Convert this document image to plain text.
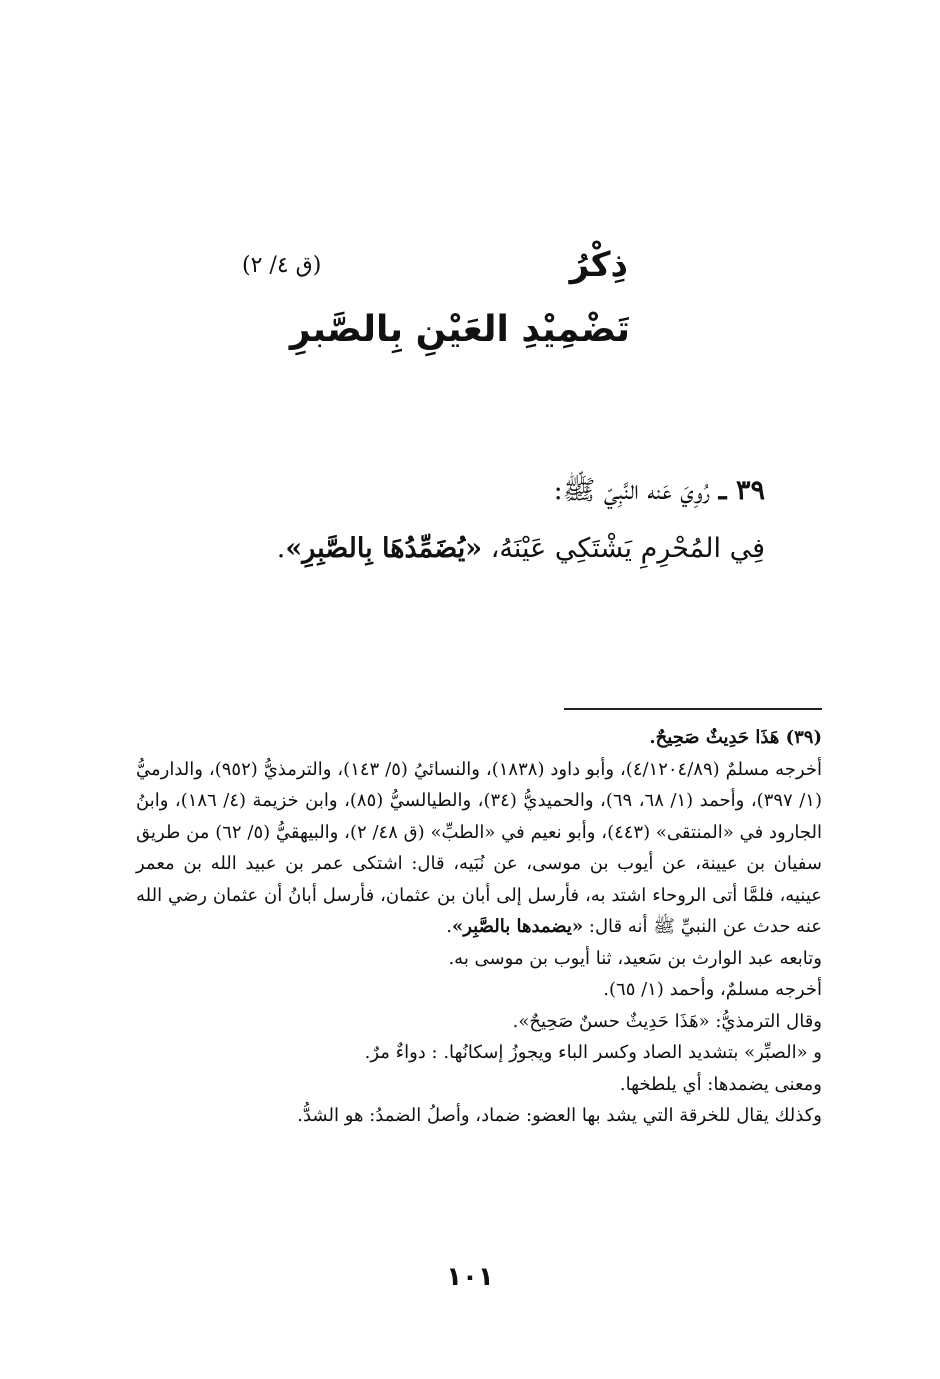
ذِكْرُ
(ق ٤/ ٢)
تَضْمِيْدِ العَيْنِ بِالصَّبرِ
٣٩ ـ رُوِيَ عَنه النَّبِيّ ﷺ:
فِي المُحْرِمِ يَشْتَكِي عَيْنَهُ، «يُضَمِّدُهَا بِالصَّبِرِ».

(٣٩) هَذَا حَدِيثٌ صَحِيحٌ.

أخرجه مسلمٌ (٤/١٢٠٤/٨٩)، وأبو داود (١٨٣٨)، والنسائيُ (٥/ ١٤٣)، والترمذيُّ (٩٥٢)، والدارميُّ (١/ ٣٩٧)، وأحمد (١/ ٦٨، ٦٩)، والحميديُّ (٣٤)، والطيالسيُّ (٨٥)، وابن خزيمة (٤/ ١٨٦)، وابنُ الجارود في «المنتقى» (٤٤٣)، وأبو نعيم في «الطبِّ» (ق ٤٨/ ٢)، والبيهقيُّ (٥/ ٦٢) من طريق سفيان بن عيينة، عن أيوب بن موسى، عن نُبَيه، قال: اشتكى عمر بن عبيد الله بن معمر عينيه، فلمَّا أتى الروحاء اشتد به، فأرسل إلى أبان بن عثمان، فأرسل أبانُ أن عثمان رضي الله عنه حدث عن النبيِّ ﷺ أنه قال: «يضمدها بالصَّبِر».

وتابعه عبد الوارث بن سَعيد، ثنا أيوب بن موسى به.

أخرجه مسلمٌ، وأحمد (١/ ٦٥).

وقال الترمذيُّ: «هَذَا حَدِيثٌ حسنٌ صَحِيحٌ».

و «الصبِّر» بتشديد الصاد وكسر الباء ويجوزُ إسكانُها. : دواءٌ مرٌ.

ومعنى يضمدها: أي يلطخها.

وكذلك يقال للخرقة التي يشد بها العضو: ضماد، وأصلُ الضمدُ: هو الشدُّ.

١٠١
